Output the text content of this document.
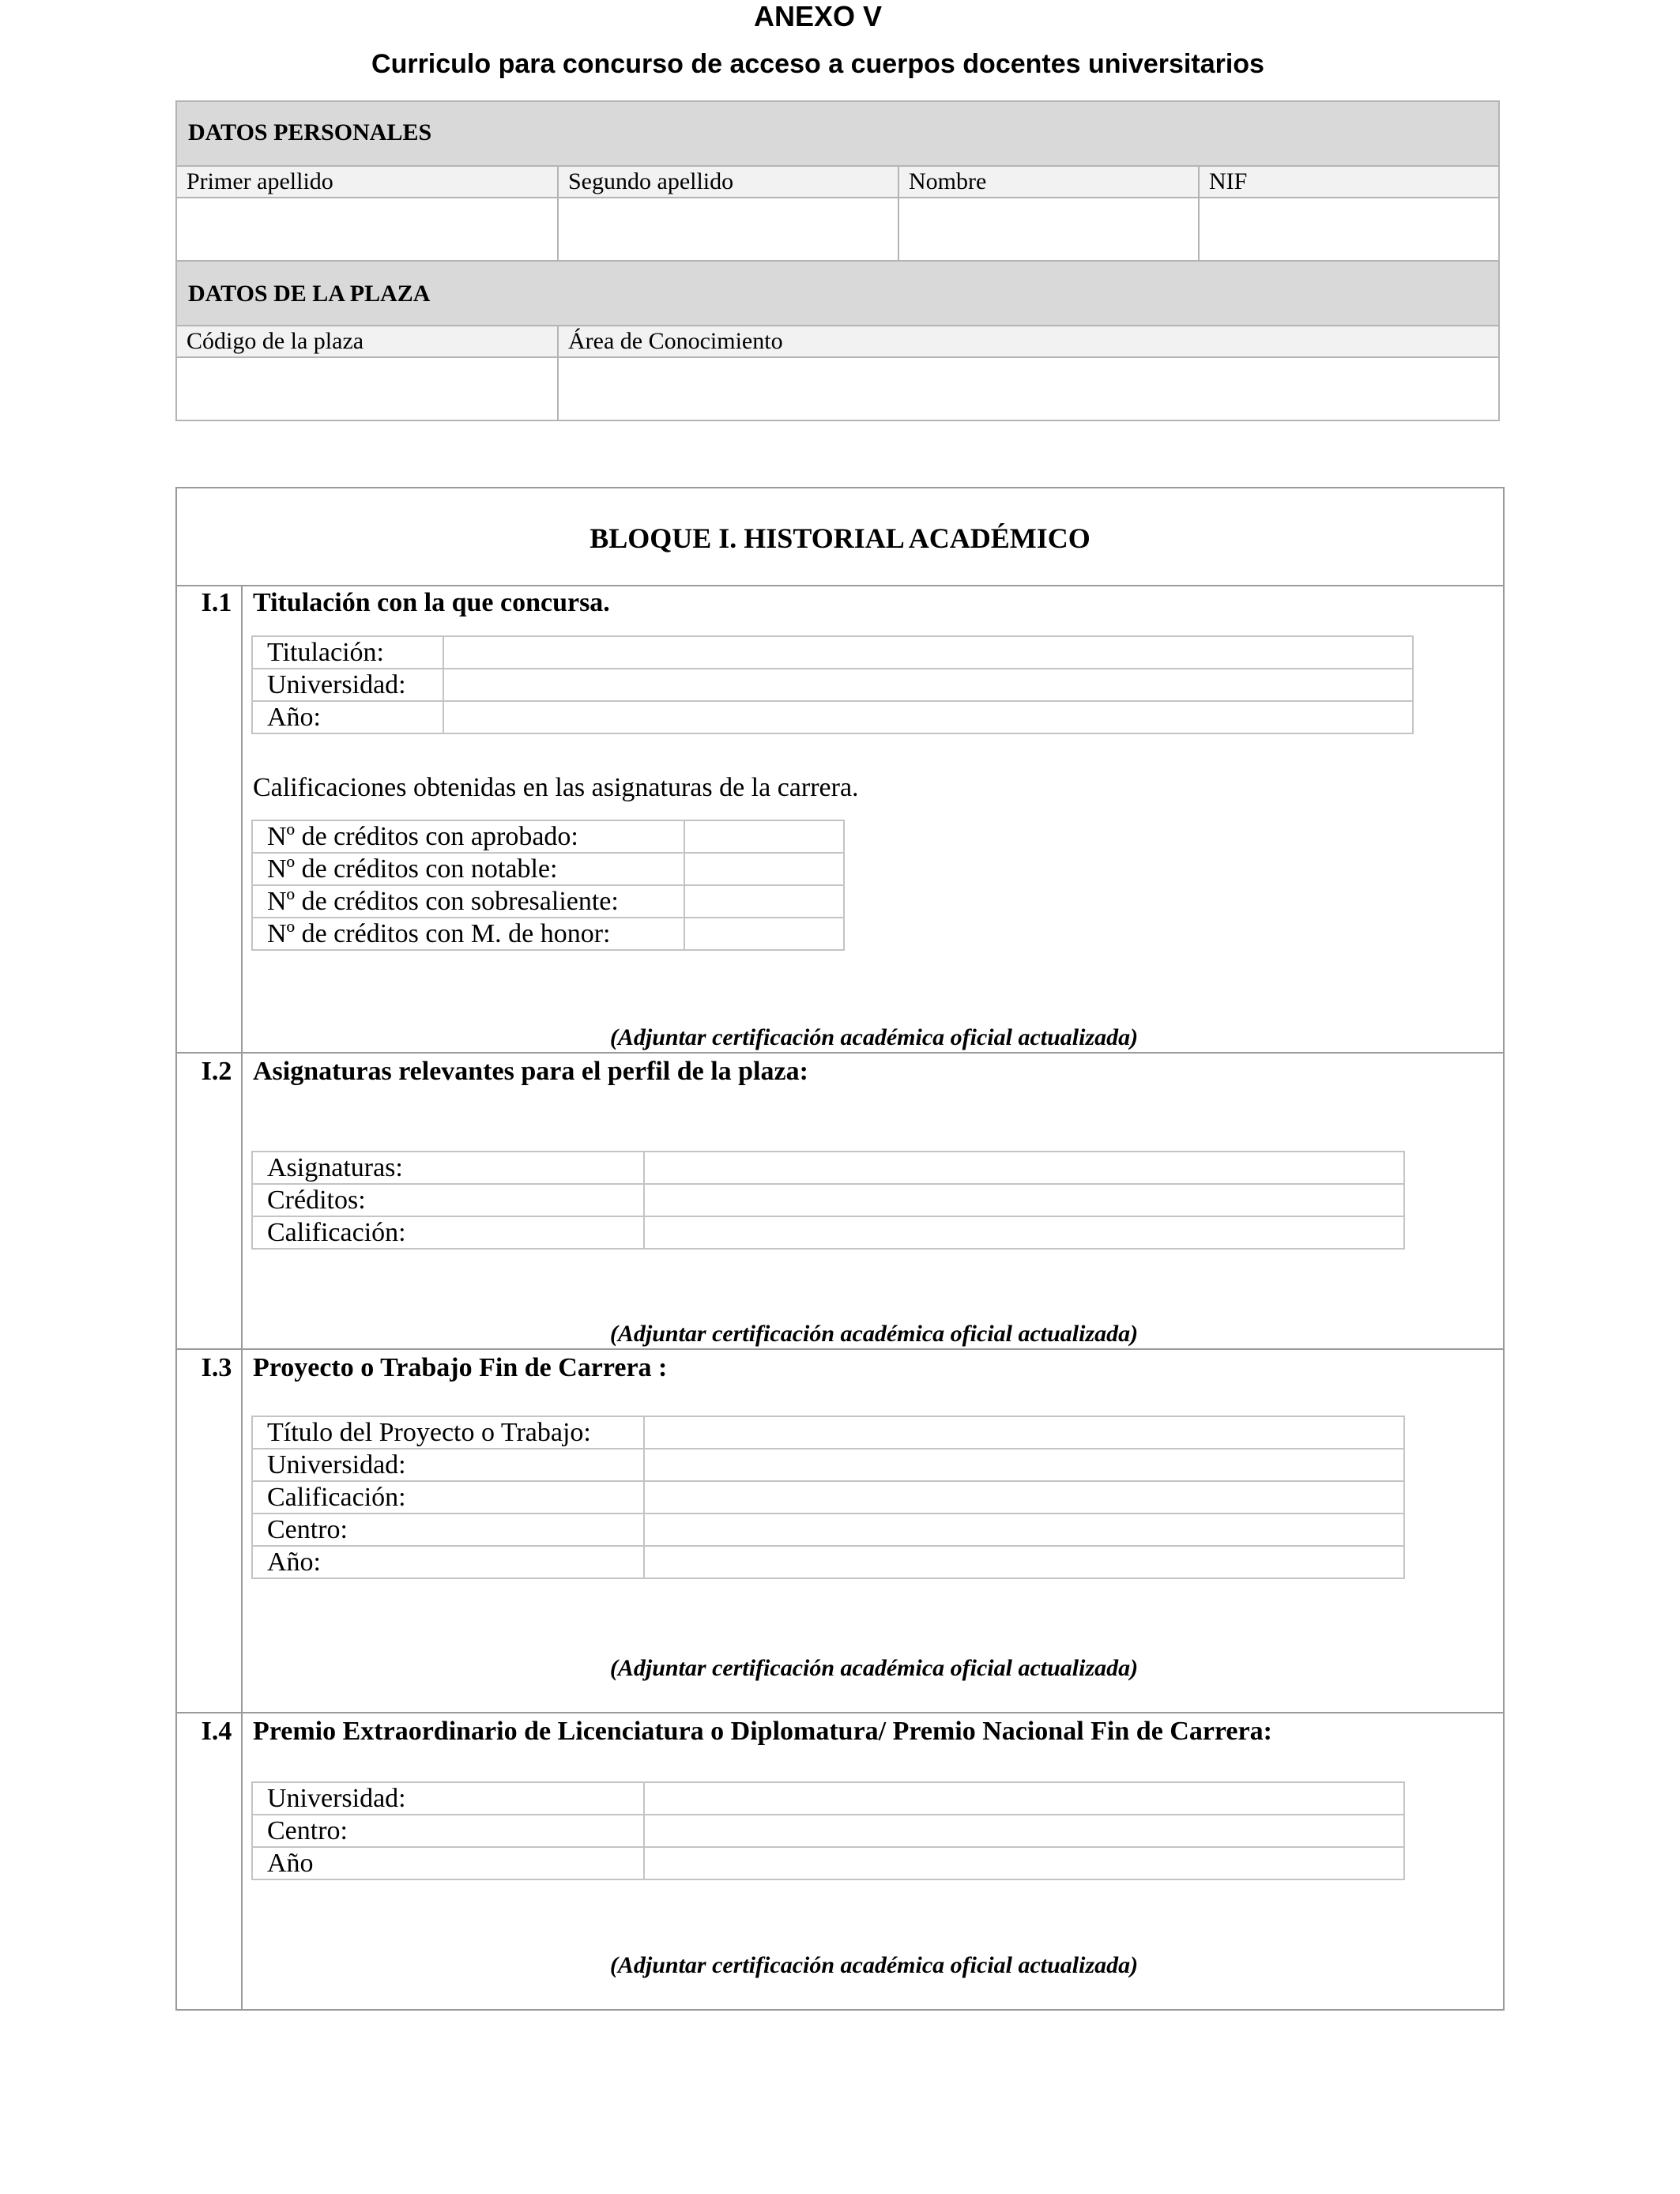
ANEXO V
Curriculo para concurso de acceso a cuerpos docentes universitarios
DATOS PERSONALES
Primer apellido	Segundo apellido	Nombre	NIF
DATOS DE LA PLAZA
Código de la plaza	Área de Conocimiento
BLOQUE I. HISTORIAL ACADÉMICO
I.1 Titulación con la que concursa.
Titulación:	
Universidad:	
Año:	
Calificaciones obtenidas en las asignaturas de la carrera.
Nº de créditos con aprobado:	
Nº de créditos con notable:	
Nº de créditos con sobresaliente:	
Nº de créditos con M. de honor:	
(Adjuntar certificación académica oficial actualizada)
I.2 Asignaturas relevantes para el perfil de la plaza:
Asignaturas:	
Créditos:	
Calificación:	
(Adjuntar certificación académica oficial actualizada)
I.3 Proyecto o Trabajo Fin de Carrera :
Título del Proyecto o Trabajo:	
Universidad:	
Calificación:	
Centro:	
Año:	
(Adjuntar certificación académica oficial actualizada)
I.4 Premio Extraordinario de Licenciatura o Diplomatura/ Premio Nacional Fin de Carrera:
Universidad:	
Centro:	
Año	
(Adjuntar certificación académica oficial actualizada)
